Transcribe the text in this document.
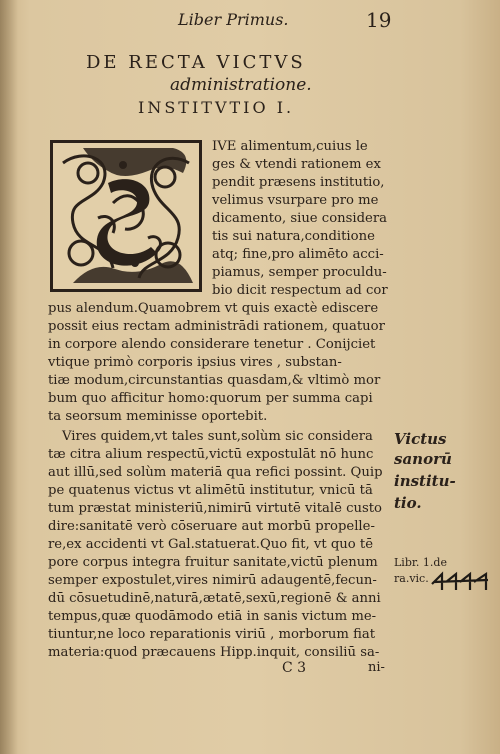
Liber Primus.	19
DE RECTA VICTVS
administratione.
INSTITVTIO I.
IVE alimentum,cuius le
ges & vtendi rationem ex
pendit præsens institutio,
velimus vsurpare pro me
dicamento, siue considera
tis sui natura,conditione
atq; fine,pro alimēto acci-
piamus, semper proculdu-
bio dicit respectum ad cor
pus alendum.Quamobrem vt quis exactè ediscere
possit eius rectam administrādi rationem, quatuor
in corpore alendo considerare tenetur . Conijciet
vtique primò corporis ipsius vires , substan-
tiæ modum,circunstantias quasdam,& vltimò mor
bum quo afficitur homo:quorum per summa capi
ta seorsum meminisse oportebit.
Vires quidem,vt tales sunt,solùm sic considera
tæ citra alium respectū,victū expostulāt nō hunc
aut illū,sed solùm materiā qua refici possint. Quip
pe quatenus victus vt alimētū institutur, vnicū tā
tum præstat ministeriū,nimirū virtutē vitalē custo
dire:sanitatē verò cōseruare aut morbū propelle-
re,ex accidenti vt Gal.statuerat.Quo fit, vt quo tē
pore corpus integra fruitur sanitate,victū plenum
semper expostulet,vires nimirū adaugentē,fecun-
dū cōsuetudinē,naturā,ætatē,sexū,regionē & anni
tempus,quæ quodāmodo etiā in sanis victum me-
tiuntur,ne loco reparationis viriū , morborum fiat
materia:quod præcauens Hipp.inquit, consiliū sa-
Victus
sanorū
institu-
tio.
Libr. 1.de
ra.vic.
C 3	ni-
